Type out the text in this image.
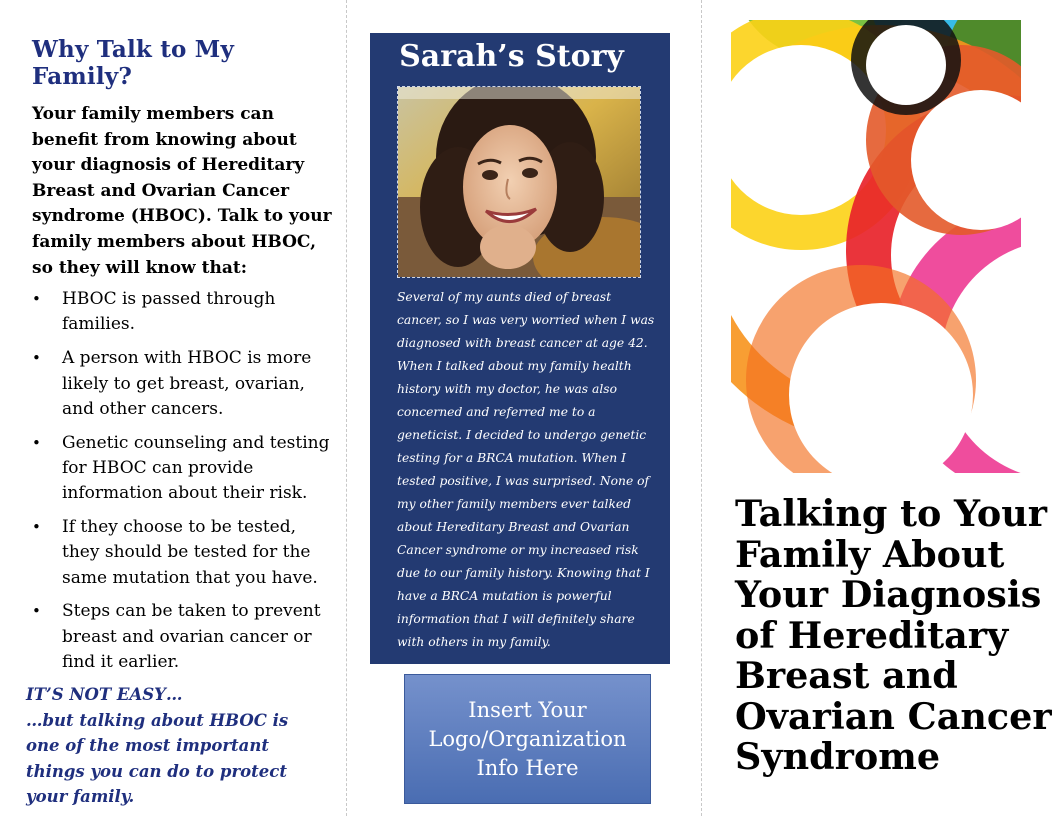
Why Talk to My Family?

Your family members can benefit from knowing about your diagnosis of Hereditary Breast and Ovarian Cancer syndrome (HBOC). Talk to your family members about HBOC, so they will know that:

• HBOC is passed through families.
• A person with HBOC is more likely to get breast, ovarian, and other cancers.
• Genetic counseling and testing for HBOC can provide information about their risk.
• If they choose to be tested, they should be tested for the same mutation that you have.
• Steps can be taken to prevent breast and ovarian cancer or find it earlier.
IT’S NOT EASY…
…but talking about HBOC is
one of the most important
things you can do to protect
your family.
Sarah’s Story
Several of my aunts died of breast cancer, so I was very worried when I was diagnosed with breast cancer at age 42. When I talked about my family health history with my doctor, he was also concerned and referred me to a geneticist. I decided to undergo genetic testing for a BRCA mutation. When I tested positive, I was surprised. None of my other family members ever talked about Hereditary Breast and Ovarian Cancer syndrome or my increased risk due to our family history. Knowing that I have a BRCA mutation is powerful information that I will definitely share with others in my family.
Insert Your
Logo/Organization
Info Here
Talking to Your
Family About
Your Diagnosis
of Hereditary
Breast and
Ovarian Cancer
Syndrome
